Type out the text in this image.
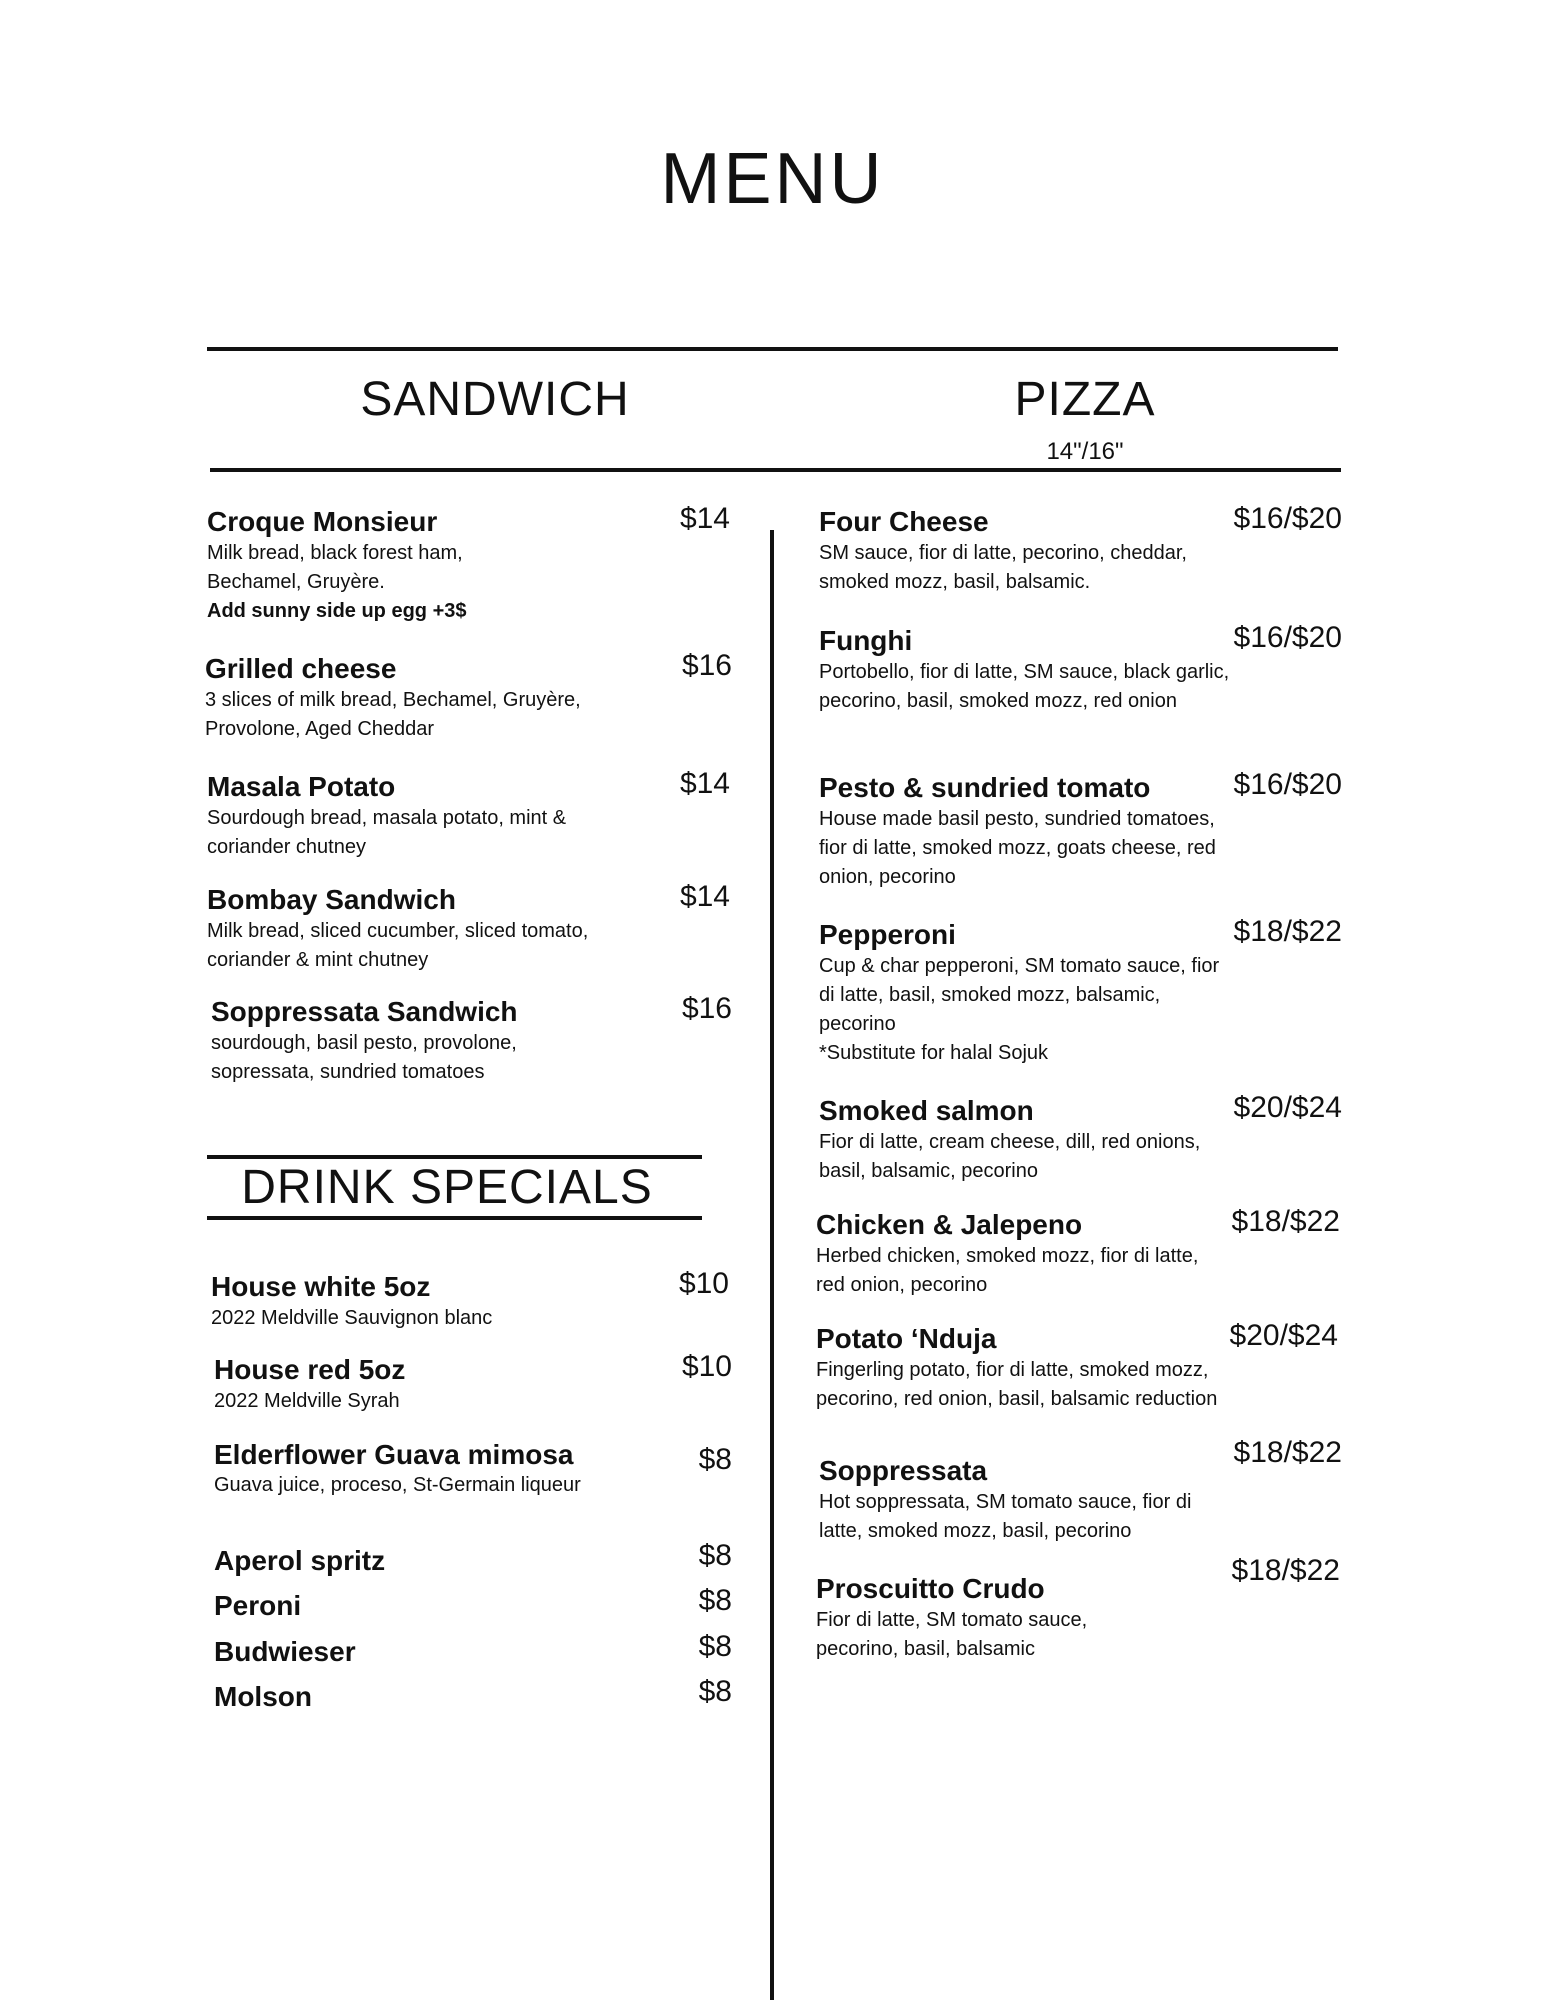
MENU
SANDWICH	PIZZA
14"/16"
DRINK SPECIALS
Croque Monsieur
Milk bread, black forest ham, Bechamel, Gruyère.
Add sunny side up egg +3$
$14
Grilled cheese
3 slices of milk bread, Bechamel, Gruyère, Provolone, Aged Cheddar
$16
Masala Potato
Sourdough bread, masala potato, mint & coriander chutney
$14
Bombay Sandwich
Milk bread, sliced cucumber, sliced tomato, coriander & mint chutney
$14
Soppressata Sandwich
sourdough, basil pesto, provolone, sopressata, sundried tomatoes
$16
House white 5oz
2022 Meldville Sauvignon blanc
$10
House red 5oz
2022 Meldville Syrah
$10
Elderflower Guava mimosa
Guava juice, proceso, St-Germain liqueur
$8
Aperol spritz	$8
Peroni	$8
Budwieser	$8
Molson	$8
Four Cheese
SM sauce, fior di latte, pecorino, cheddar, smoked mozz, basil, balsamic.
$16/$20
Funghi
Portobello, fior di latte, SM sauce, black garlic, pecorino, basil, smoked mozz, red onion
$16/$20
Pesto & sundried tomato
House made basil pesto, sundried tomatoes, fior di latte, smoked mozz, goats cheese, red onion, pecorino
$16/$20
Pepperoni
Cup & char pepperoni, SM tomato sauce, fior di latte, basil, smoked mozz, balsamic, pecorino
*Substitute for halal Sojuk
$18/$22
Smoked salmon
Fior di latte, cream cheese, dill, red onions, basil, balsamic, pecorino
$20/$24
Chicken & Jalepeno
Herbed chicken, smoked mozz, fior di latte, red onion, pecorino
$18/$22
Potato ‘Nduja
Fingerling potato, fior di latte, smoked mozz, pecorino, red onion, basil, balsamic reduction
$20/$24
Soppressata
Hot soppressata, SM tomato sauce, fior di latte, smoked mozz, basil, pecorino
$18/$22
Proscuitto Crudo
Fior di latte, SM tomato sauce, pecorino, basil, balsamic
$18/$22
